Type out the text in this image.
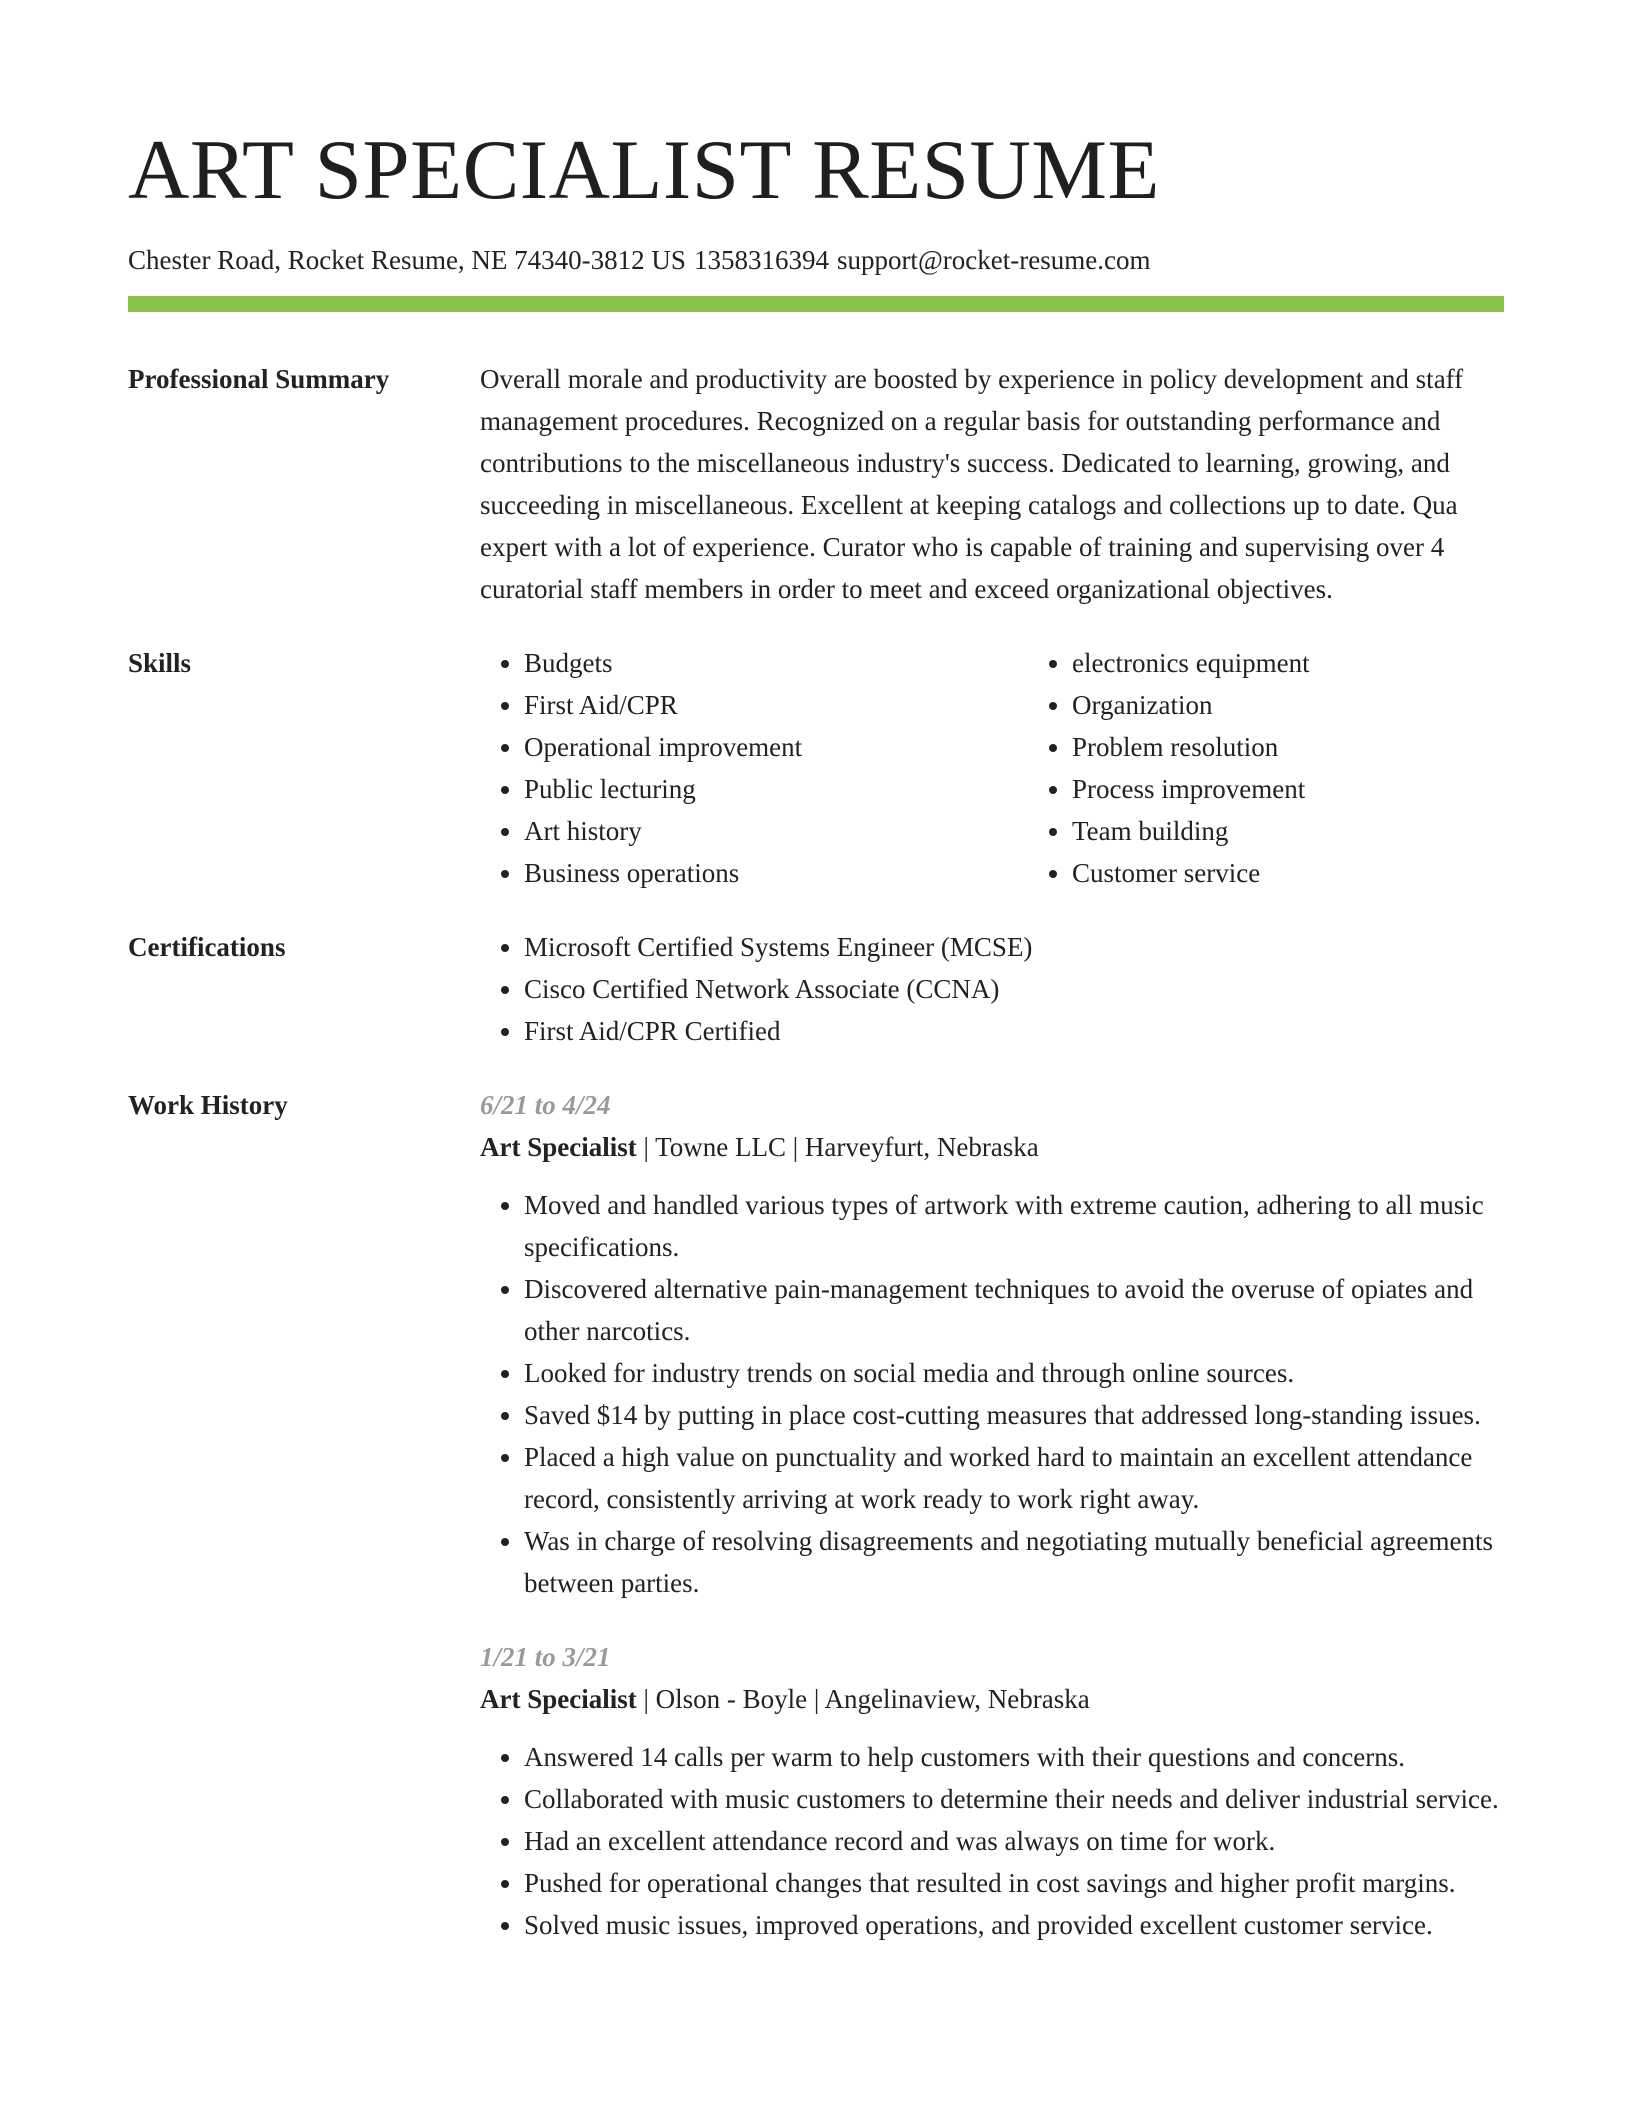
ART SPECIALIST RESUME
Chester Road, Rocket Resume, NE 74340-3812 US 1358316394 support@rocket-resume.com
Professional Summary	Overall morale and productivity are boosted by experience in policy development and staff management procedures. Recognized on a regular basis for outstanding performance and contributions to the miscellaneous industry's success. Dedicated to learning, growing, and succeeding in miscellaneous. Excellent at keeping catalogs and collections up to date. Qua expert with a lot of experience. Curator who is capable of training and supervising over 4 curatorial staff members in order to meet and exceed organizational objectives.

Skills	• Budgets
• First Aid/CPR
• Operational improvement
• Public lecturing
• Art history
• Business operations
• electronics equipment
• Organization
• Problem resolution
• Process improvement
• Team building
• Customer service
Certifications	• Microsoft Certified Systems Engineer (MCSE)
• Cisco Certified Network Associate (CCNA)
• First Aid/CPR Certified
Work History	6/21 to 4/24
Art Specialist | Towne LLC | Harveyfurt, Nebraska
• Moved and handled various types of artwork with extreme caution, adhering to all music specifications.
• Discovered alternative pain-management techniques to avoid the overuse of opiates and other narcotics.
• Looked for industry trends on social media and through online sources.
• Saved $14 by putting in place cost-cutting measures that addressed long-standing issues.
• Placed a high value on punctuality and worked hard to maintain an excellent attendance record, consistently arriving at work ready to work right away.
• Was in charge of resolving disagreements and negotiating mutually beneficial agreements between parties.
1/21 to 3/21
Art Specialist | Olson - Boyle | Angelinaview, Nebraska
• Answered 14 calls per warm to help customers with their questions and concerns.
• Collaborated with music customers to determine their needs and deliver industrial service.
• Had an excellent attendance record and was always on time for work.
• Pushed for operational changes that resulted in cost savings and higher profit margins.
• Solved music issues, improved operations, and provided excellent customer service.
